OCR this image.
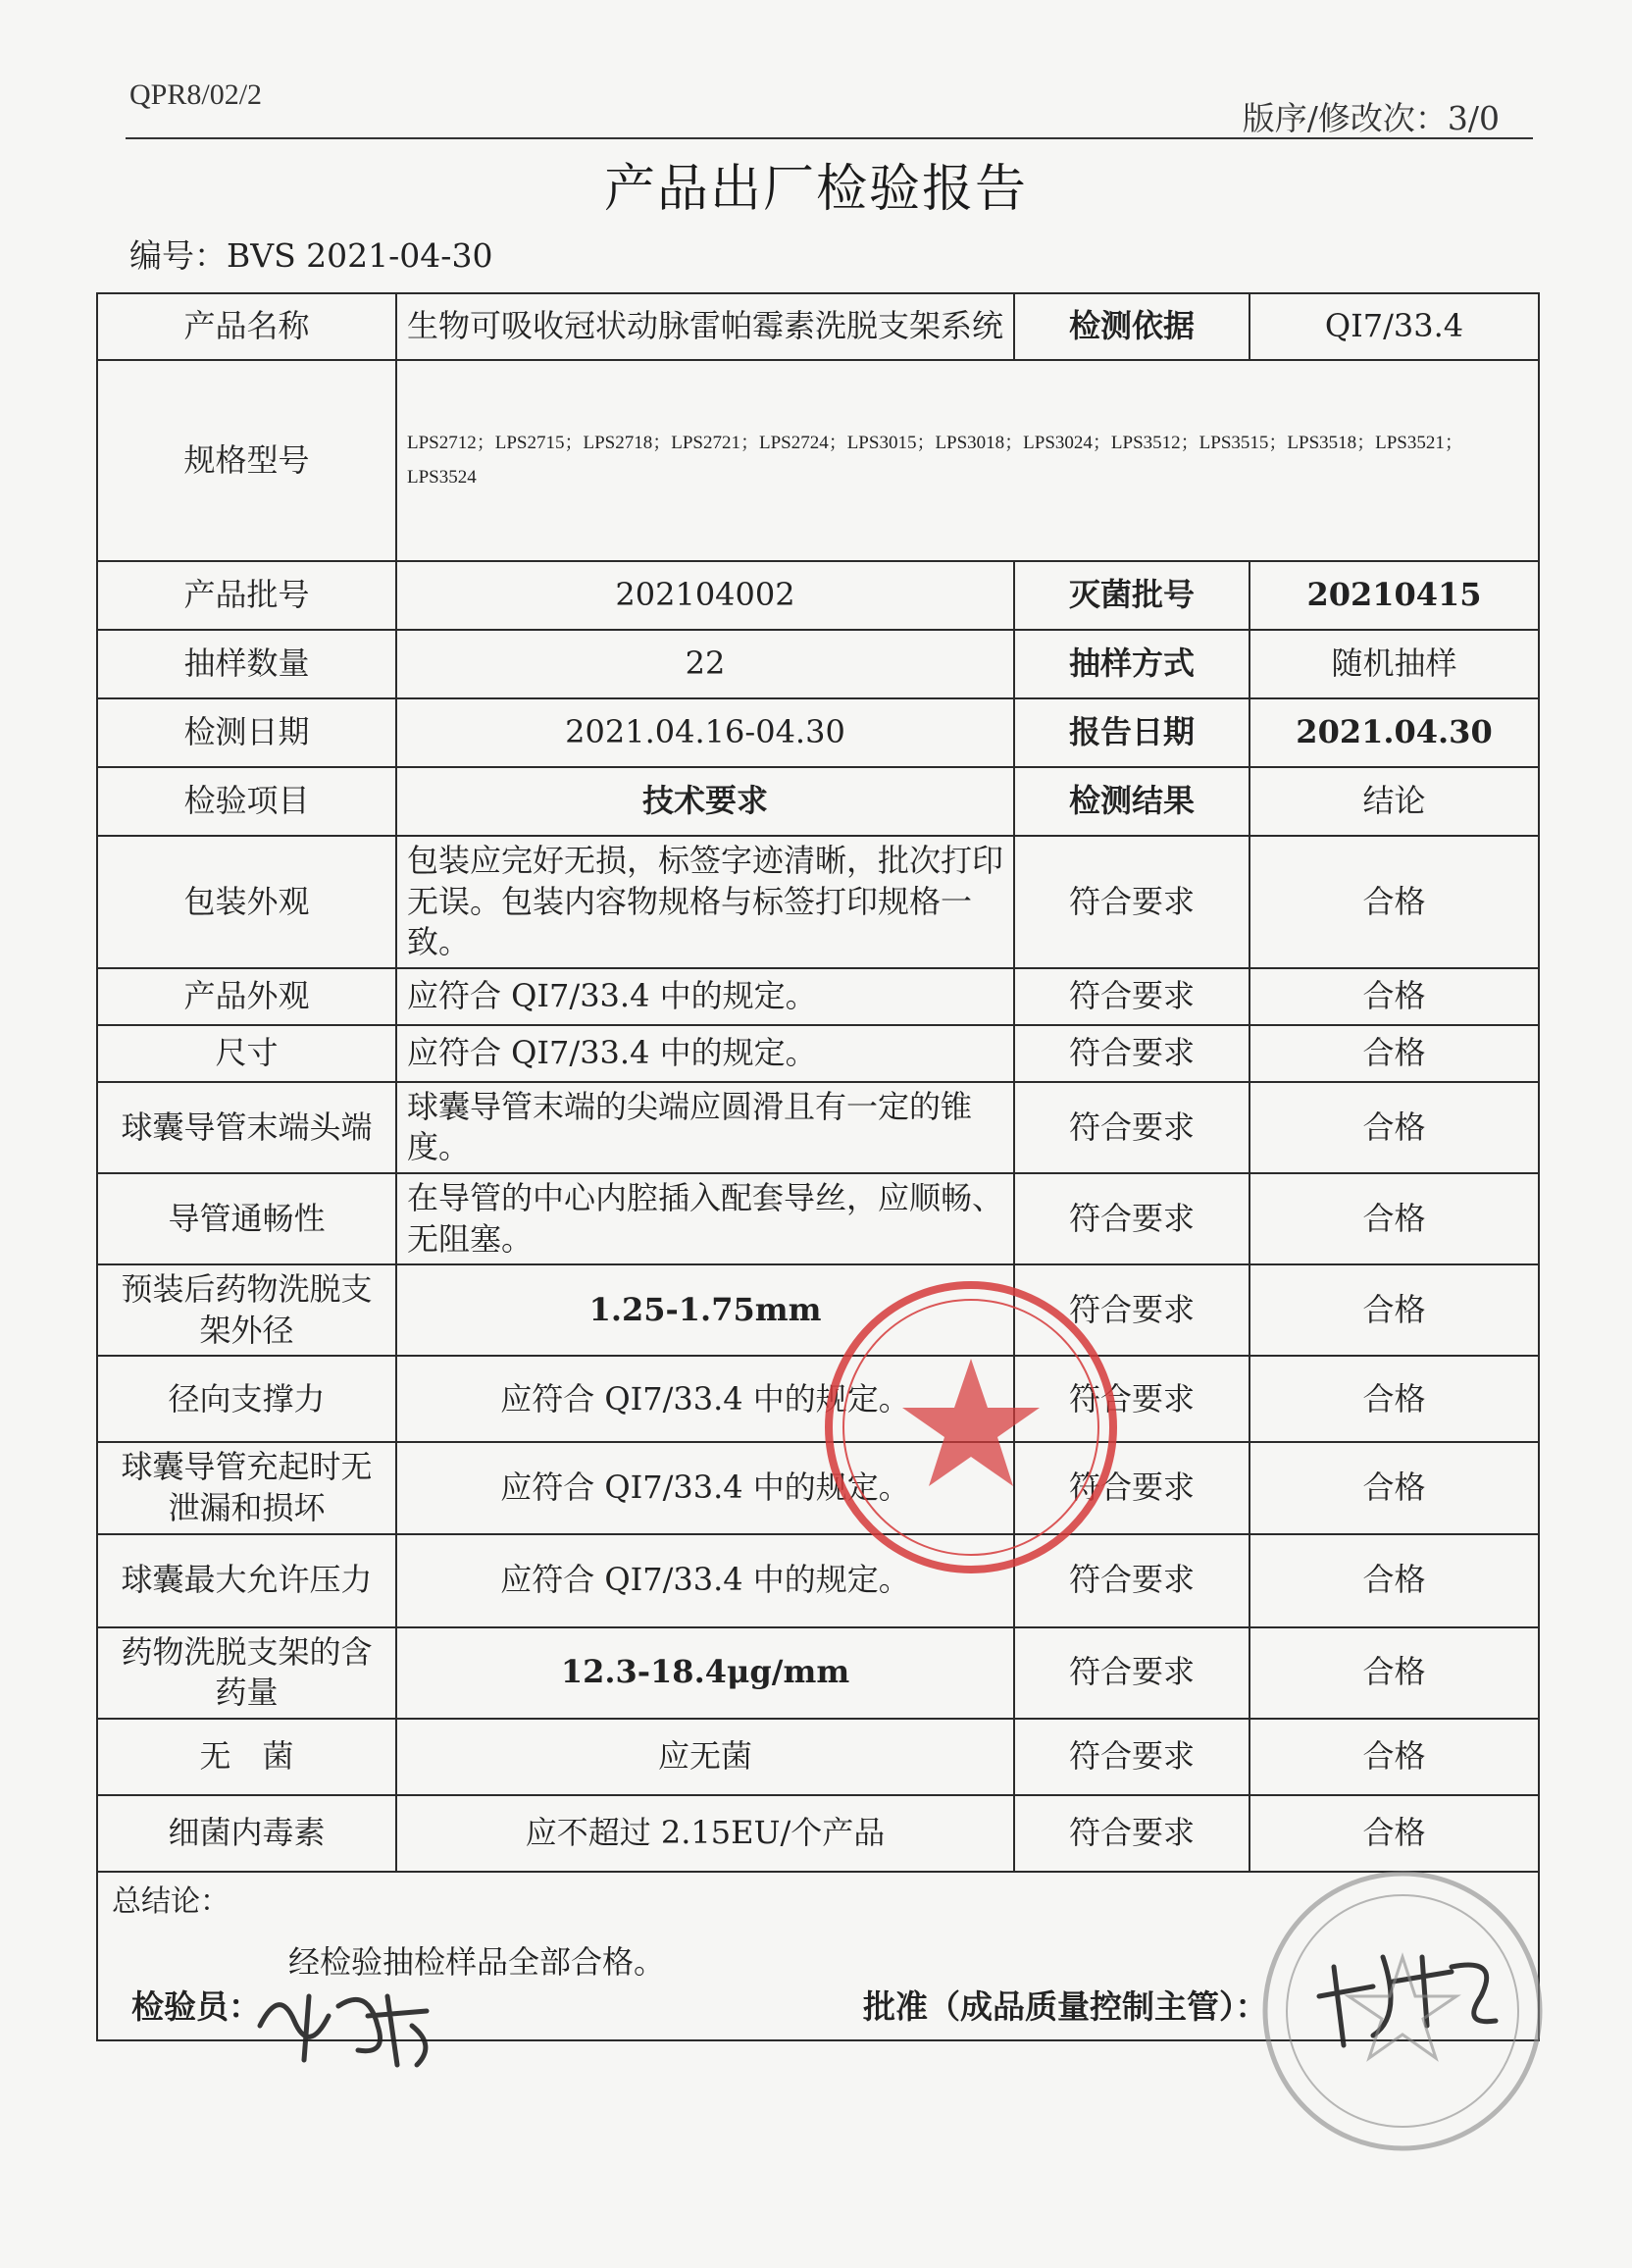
QPR8/02/2
版序/修改次：3/0
产品出厂检验报告
编号：BVS 2021-04-30
产品名称	生物可吸收冠状动脉雷帕霉素洗脱支架系统	检测依据	QI7/33.4
规格型号	LPS2712；LPS2715；LPS2718；LPS2721；LPS2724；LPS3015；LPS3018；LPS3024；LPS3512；LPS3515；LPS3518；LPS3521；LPS3524		
产品批号	202104002	灭菌批号	20210415
抽样数量	22	抽样方式	随机抽样
检测日期	2021.04.16-04.30	报告日期	2021.04.30
检验项目	技术要求	检测结果	结论
包装外观	包装应完好无损，标签字迹清晰，批次打印无误。包装内容物规格与标签打印规格一致。	符合要求	合格
产品外观	应符合 QI7/33.4 中的规定。	符合要求	合格
尺寸	应符合 QI7/33.4 中的规定。	符合要求	合格
球囊导管末端头端	球囊导管末端的尖端应圆滑且有一定的锥度。	符合要求	合格
导管通畅性	在导管的中心内腔插入配套导丝，应顺畅、无阻塞。	符合要求	合格
预装后药物洗脱支架外径	1.25-1.75mm	符合要求	合格
径向支撑力	应符合 QI7/33.4 中的规定。	符合要求	合格
球囊导管充起时无泄漏和损坏	应符合 QI7/33.4 中的规定。	符合要求	合格
球囊最大允许压力	应符合 QI7/33.4 中的规定。	符合要求	合格
药物洗脱支架的含药量	12.3-18.4μg/mm	符合要求	合格
无　菌	应无菌	符合要求	合格
细菌内毒素	应不超过 2.15EU/个产品	符合要求	合格

总结论：
经检验抽检样品全部合格。			
检验员：	批准（成品质量控制主管）：
